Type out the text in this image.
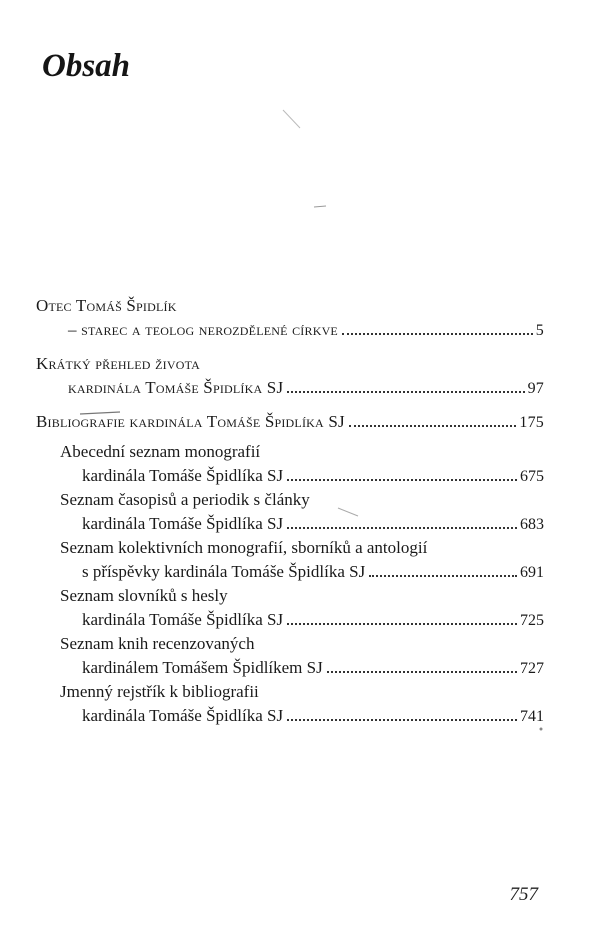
Obsah
Otec Tomáš Špidlík
– starec a teolog nerozdělené církve	5
Krátký přehled života
kardinála Tomáše Špidlíka SJ	97
Bibliografie kardinála Tomáše Špidlíka SJ	175
Abecední seznam monografií
kardinála Tomáše Špidlíka SJ	675
Seznam časopisů a periodik s články
kardinála Tomáše Špidlíka SJ	683
Seznam kolektivních monografií, sborníků a antologií
s příspěvky kardinála Tomáše Špidlíka SJ	691
Seznam slovníků s hesly
kardinála Tomáše Špidlíka SJ	725
Seznam knih recenzovaných
kardinálem Tomášem Špidlíkem SJ	727
Jmenný rejstřík k bibliografii
kardinála Tomáše Špidlíka SJ	741
757
